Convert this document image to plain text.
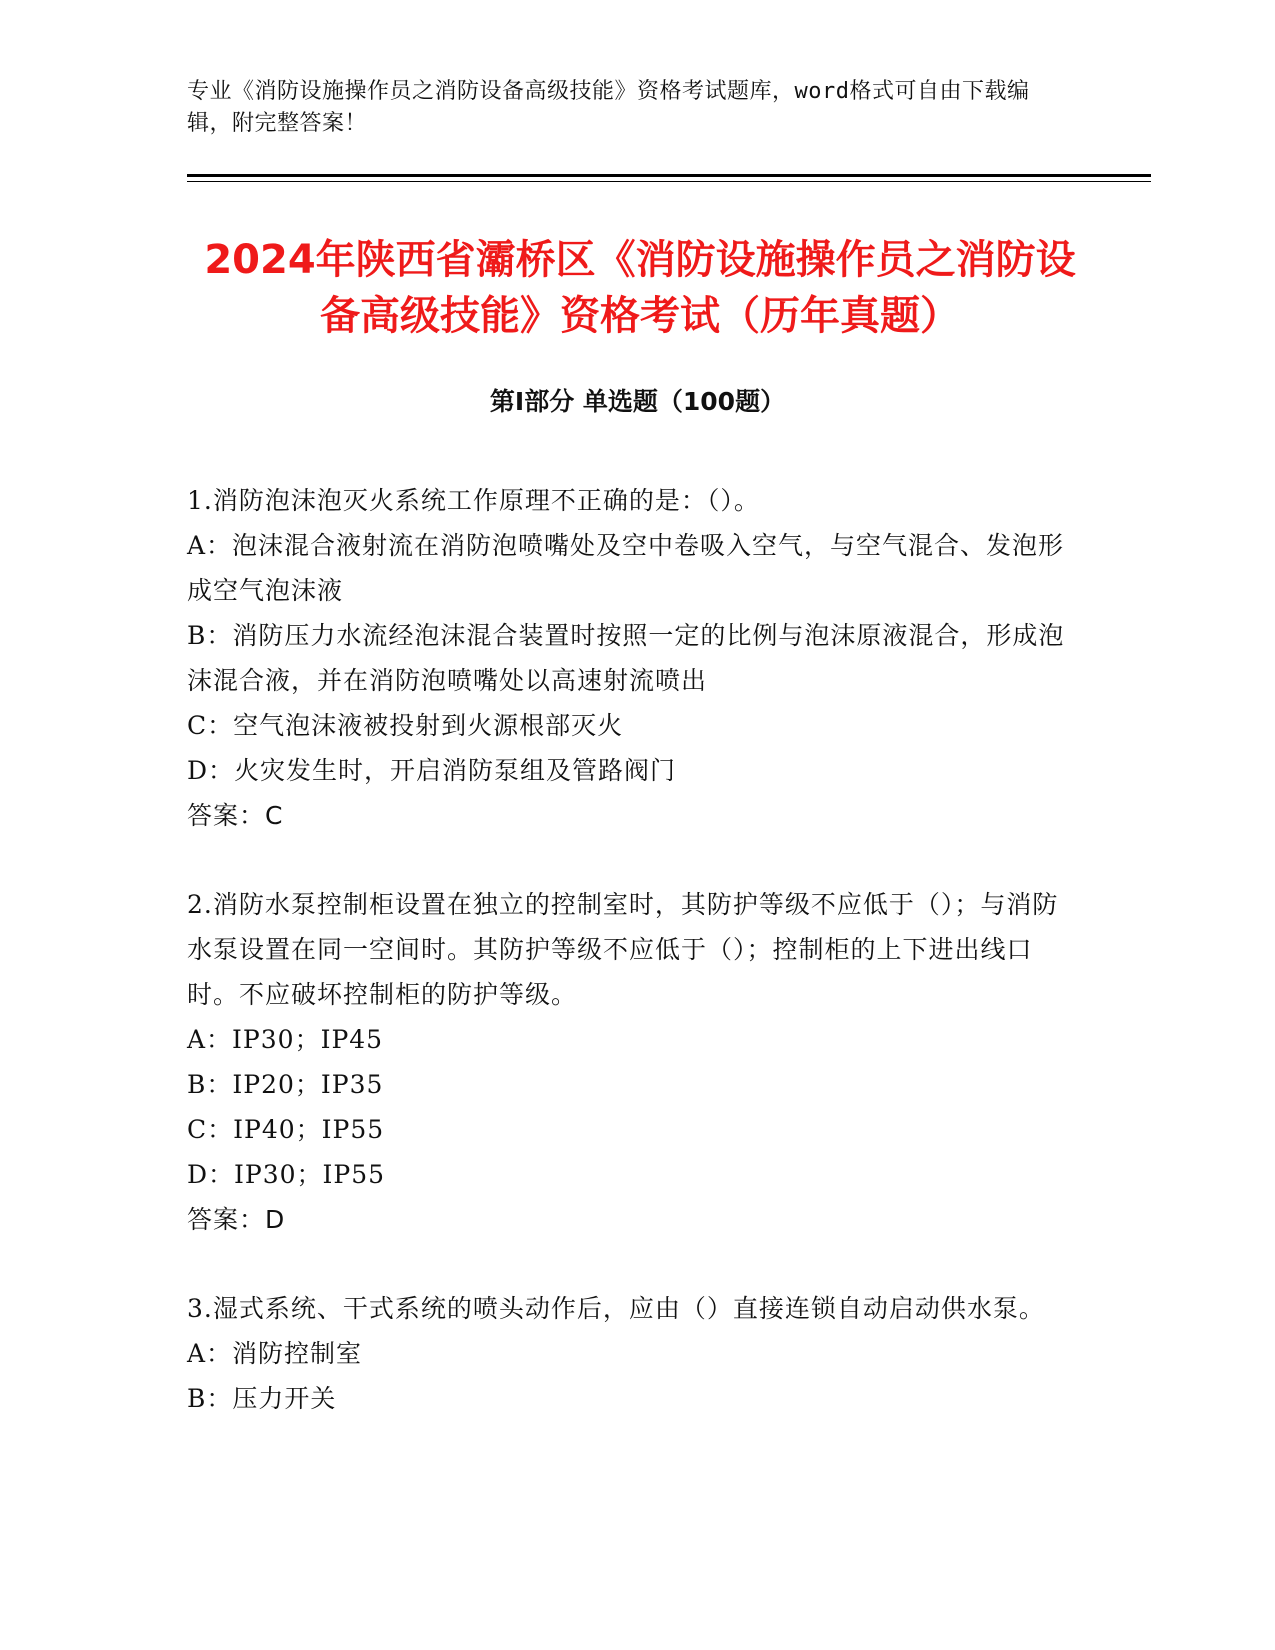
专业《消防设施操作员之消防设备高级技能》资格考试题库，word格式可自由下载编辑，附完整答案！
2024年陕西省灞桥区《消防设施操作员之消防设备高级技能》资格考试（历年真题）
第I部分 单选题（100题）
1.消防泡沫泡灭火系统工作原理不正确的是：（）。
A：泡沫混合液射流在消防泡喷嘴处及空中卷吸入空气，与空气混合、发泡形成空气泡沫液
B：消防压力水流经泡沫混合装置时按照一定的比例与泡沫原液混合，形成泡沫混合液，并在消防泡喷嘴处以高速射流喷出
C：空气泡沫液被投射到火源根部灭火
D：火灾发生时，开启消防泵组及管路阀门
答案：C
2.消防水泵控制柜设置在独立的控制室时，其防护等级不应低于（）；与消防水泵设置在同一空间时。其防护等级不应低于（）；控制柜的上下进出线口时。不应破坏控制柜的防护等级。
A：IP30；IP45
B：IP20；IP35
C：IP40；IP55
D：IP30；IP55
答案：D
3.湿式系统、干式系统的喷头动作后，应由（）直接连锁自动启动供水泵。
A：消防控制室
B：压力开关
